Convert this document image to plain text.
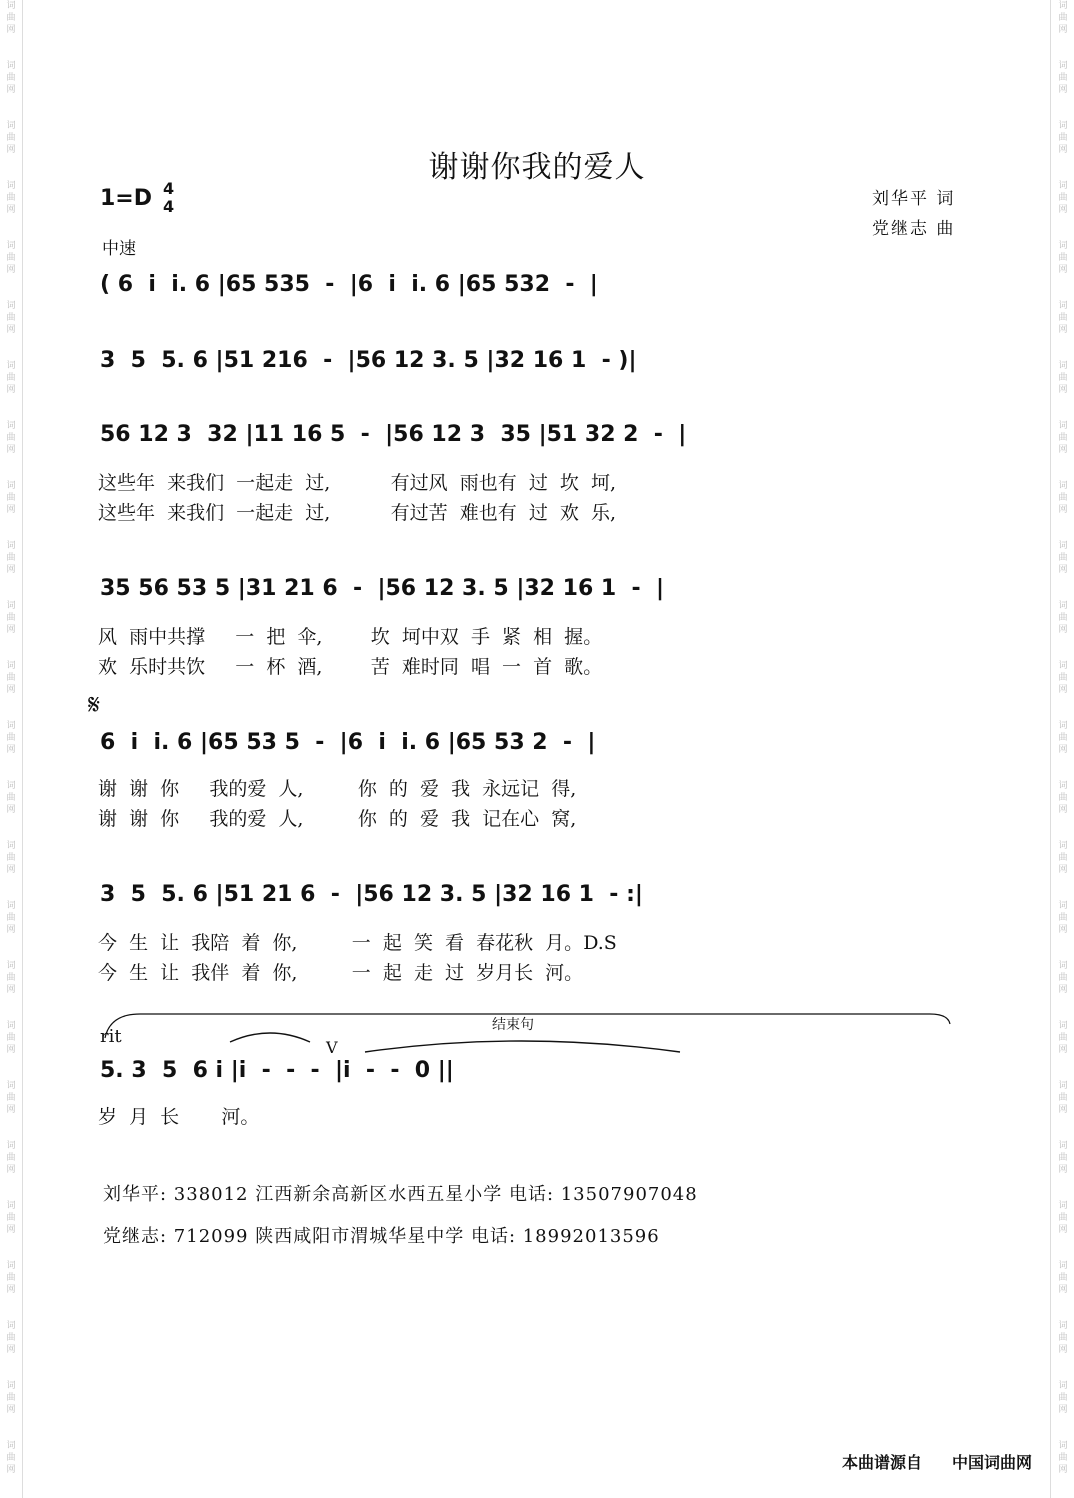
词
曲
网
词
曲
网
词
曲
网
词
曲
网
词
曲
网
词
曲
网
词
曲
网
词
曲
网
词
曲
网
词
曲
网
词
曲
网
词
曲
网
词
曲
网
词
曲
网
词
曲
网
词
曲
网
词
曲
网
词
曲
网
词
曲
网
词
曲
网
词
曲
网
词
曲
网
词
曲
网
词
曲
网
词
曲
网
词
曲
网
词
曲
网
词
曲
网
词
曲
网
词
曲
网
词
曲
网
词
曲
网
词
曲
网
词
曲
网
词
曲
网
词
曲
网
词
曲
网
词
曲
网
词
曲
网
词
曲
网
词
曲
网
词
曲
网
词
曲
网
词
曲
网
词
曲
网
词
曲
网
词
曲
网
词
曲
网
词
曲
网
词
曲
网
谢谢你我的爱人
1=D 4
4
中速
刘华平 词
党继志 曲
( 6  i  i. 6 |65 535  -  |6  i  i. 6 |65 532  -  |
3  5  5. 6 |51 216  -  |56 12 3. 5 |32 16 1  - )|
56 12 3  32 |11 16 5  -  |56 12 3  35 |51 32 2  -  |
这些年  来我们  一起走  过,          有过风  雨也有  过  坎  坷,
这些年  来我们  一起走  过,          有过苦  难也有  过  欢  乐,
35 56 53 5 |31 21 6  -  |56 12 3. 5 |32 16 1  -  |
风  雨中共撑     一  把  伞,        坎  坷中双  手  紧  相  握。
欢  乐时共饮     一  杯  酒,        苦  难时同  唱  一  首  歌。
𝄋
6  i  i. 6 |65 53 5  -  |6  i  i. 6 |65 53 2  -  |
谢  谢  你     我的爱  人,         你  的  爱  我  永远记  得,
谢  谢  你     我的爱  人,         你  的  爱  我  记在心  窝,
3  5  5. 6 |51 21 6  -  |56 12 3. 5 |32 16 1  - :|
今  生  让  我陪  着  你,         一  起  笑  看  春花秋  月。D.S
今  生  让  我伴  着  你,         一  起  走  过  岁月长  河。
rit
结束句
V
5. 3  5  6 i |i  -  -  -  |i  -  -  0 ||
岁  月  长       河。
刘华平: 338012 江西新余高新区水西五星小学 电话: 13507907048
党继志: 712099 陕西咸阳市渭城华星中学 电话: 18992013596
本曲谱源自 中国词曲网
